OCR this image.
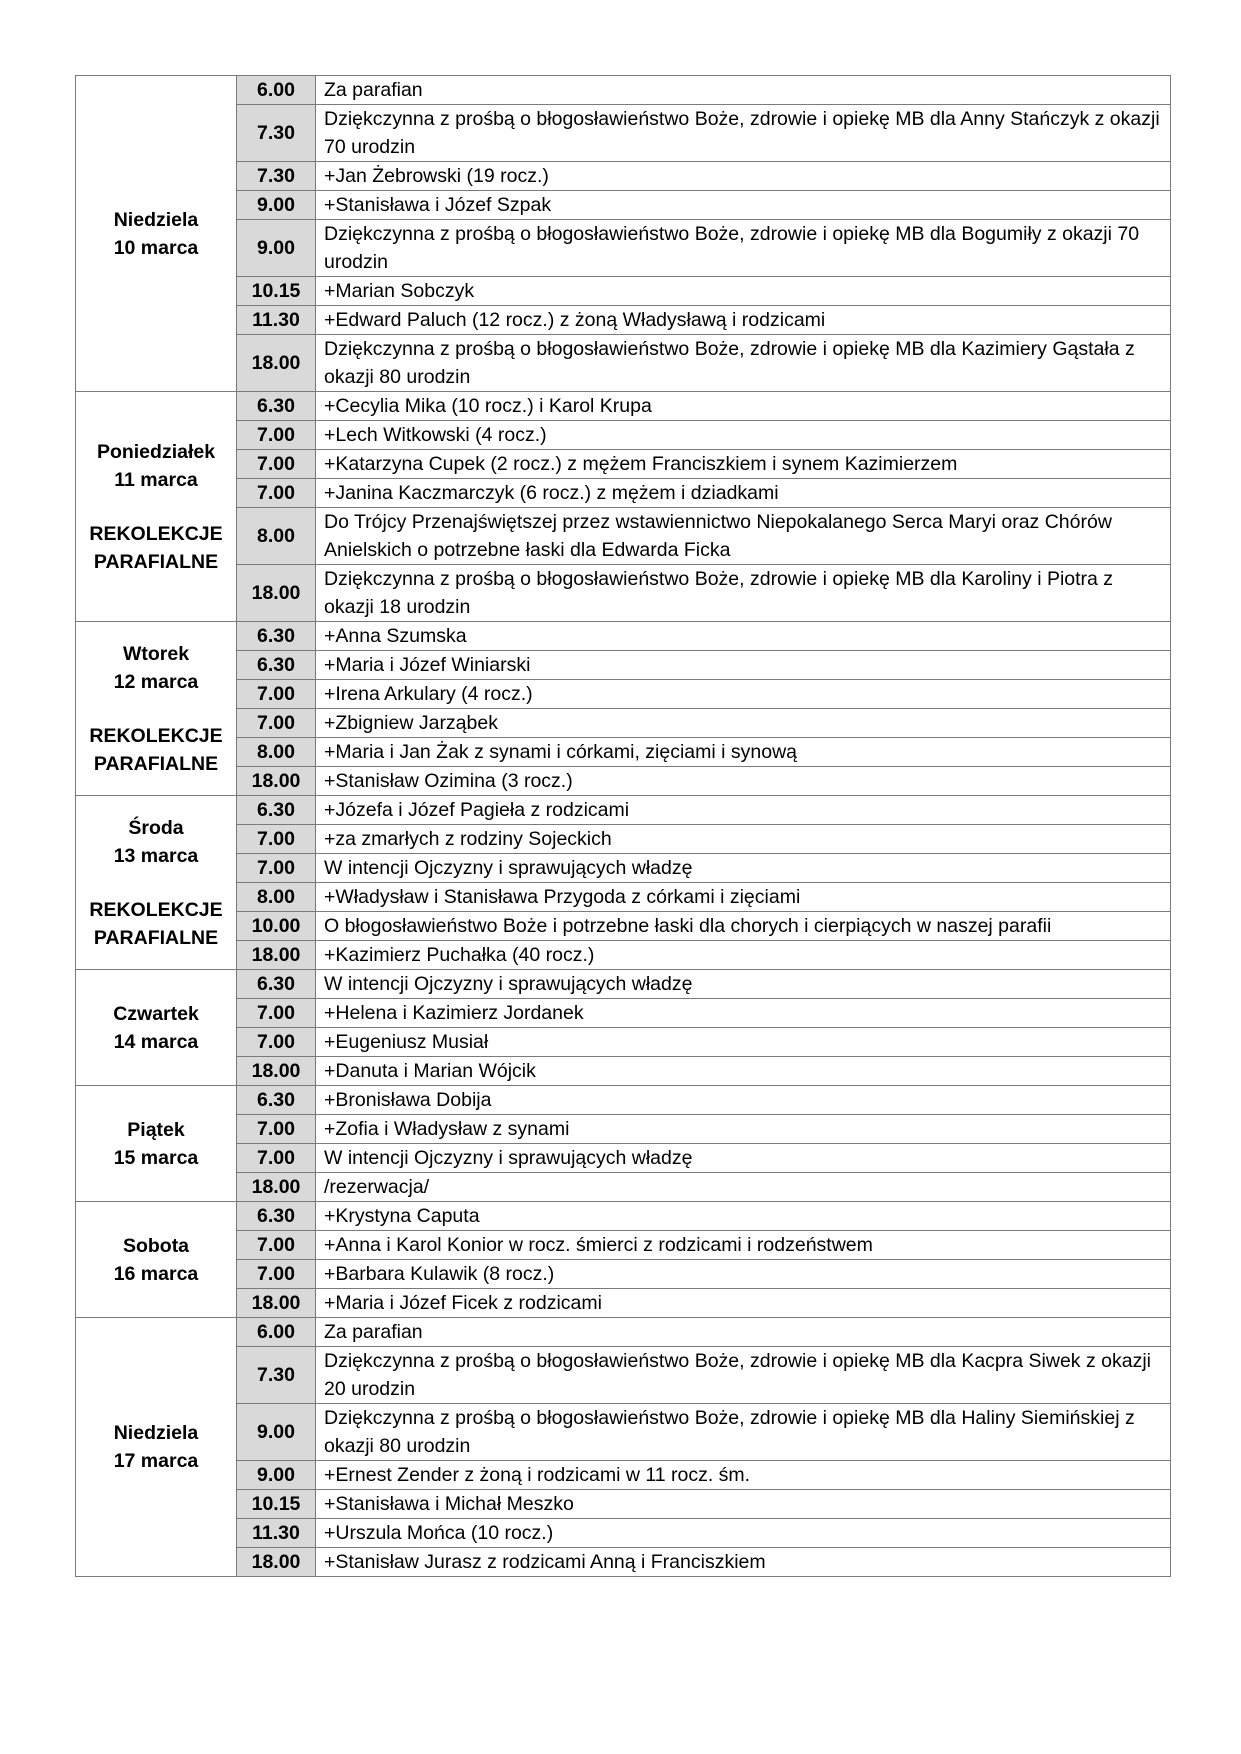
Niedziela
10 marca	6.00	Za parafian
	7.30	Dziękczynna z prośbą o błogosławieństwo Boże, zdrowie i opiekę MB dla Anny Stańczyk z okazji 70 urodzin
	7.30	+Jan Żebrowski (19 rocz.)
	9.00	+Stanisława i Józef Szpak
	9.00	Dziękczynna z prośbą o błogosławieństwo Boże, zdrowie i opiekę MB dla Bogumiły z okazji 70 urodzin
	10.15	+Marian Sobczyk
	11.30	+Edward Paluch (12 rocz.) z żoną Władysławą i rodzicami
	18.00	Dziękczynna z prośbą o błogosławieństwo Boże, zdrowie i opiekę MB dla Kazimiery Gąstała z okazji 80 urodzin

Poniedziałek
11 marca
REKOLEKCJE
PARAFIALNE	6.30	+Cecylia Mika (10 rocz.) i Karol Krupa
	7.00	+Lech Witkowski (4 rocz.)
	7.00	+Katarzyna Cupek (2 rocz.) z mężem Franciszkiem i synem Kazimierzem
	7.00	+Janina Kaczmarczyk (6 rocz.) z mężem i dziadkami
	8.00	Do Trójcy Przenajświętszej przez wstawiennictwo Niepokalanego Serca Maryi oraz Chórów Anielskich o potrzebne łaski dla Edwarda Ficka
	18.00	Dziękczynna z prośbą o błogosławieństwo Boże, zdrowie i opiekę MB dla Karoliny i Piotra z okazji 18 urodzin

Wtorek
12 marca
REKOLEKCJE
PARAFIALNE	6.30	+Anna Szumska
	6.30	+Maria i Józef Winiarski
	7.00	+Irena Arkulary (4 rocz.)
	7.00	+Zbigniew Jarząbek
	8.00	+Maria i Jan Żak z synami i córkami, zięciami i synową
	18.00	+Stanisław Ozimina (3 rocz.)

Środa
13 marca
REKOLEKCJE
PARAFIALNE	6.30	+Józefa i Józef Pagieła z rodzicami
	7.00	+za zmarłych z rodziny Sojeckich
	7.00	W intencji Ojczyzny i sprawujących władzę
	8.00	+Władysław i Stanisława Przygoda z córkami i zięciami
	10.00	O błogosławieństwo Boże i potrzebne łaski dla chorych i cierpiących w naszej parafii
	18.00	+Kazimierz Puchałka (40 rocz.)

Czwartek
14 marca	6.30	W intencji Ojczyzny i sprawujących władzę
	7.00	+Helena i Kazimierz Jordanek
	7.00	+Eugeniusz Musiał
	18.00	+Danuta i Marian Wójcik

Piątek
15 marca	6.30	+Bronisława Dobija
	7.00	+Zofia i Władysław z synami
	7.00	W intencji Ojczyzny i sprawujących władzę
	18.00	/rezerwacja/

Sobota
16 marca	6.30	+Krystyna Caputa
	7.00	+Anna i Karol Konior w rocz. śmierci z rodzicami i rodzeństwem
	7.00	+Barbara Kulawik (8 rocz.)
	18.00	+Maria i Józef Ficek z rodzicami

Niedziela
17 marca	6.00	Za parafian
	7.30	Dziękczynna z prośbą o błogosławieństwo Boże, zdrowie i opiekę MB dla Kacpra Siwek z okazji 20 urodzin
	9.00	Dziękczynna z prośbą o błogosławieństwo Boże, zdrowie i opiekę MB dla Haliny Siemińskiej z okazji 80 urodzin
	9.00	+Ernest Zender z żoną i rodzicami w 11 rocz. śm.
	10.15	+Stanisława i Michał Meszko
	11.30	+Urszula Mońca (10 rocz.)
	18.00	+Stanisław Jurasz z rodzicami Anną i Franciszkiem
